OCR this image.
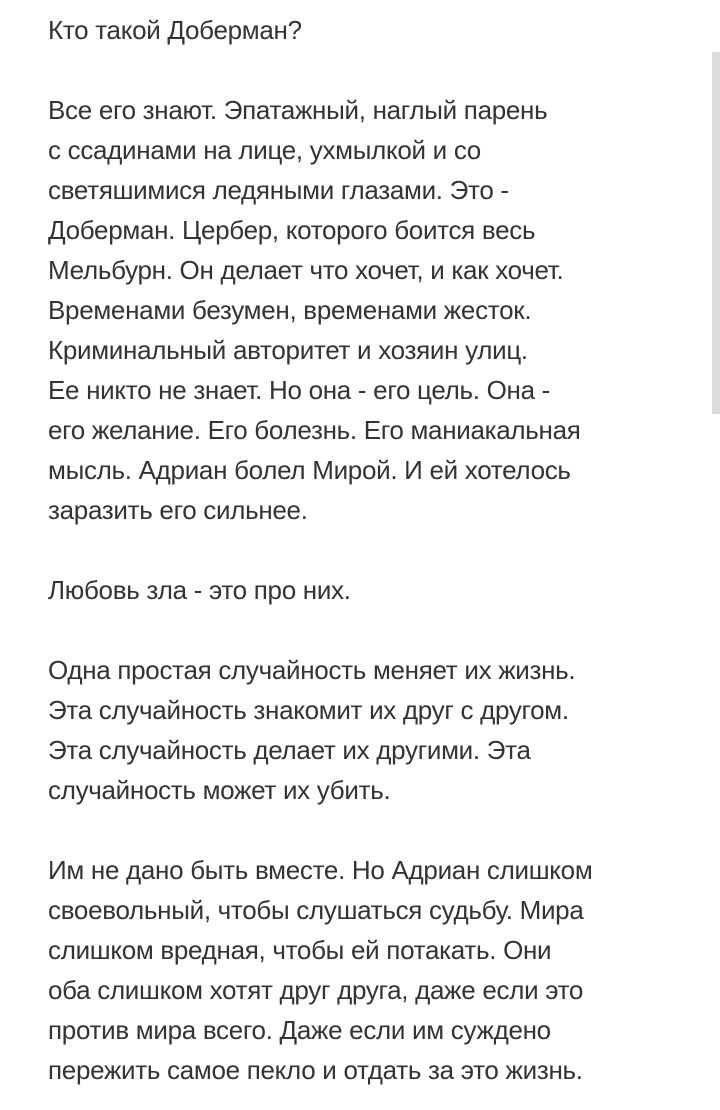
Кто такой Доберман?
Все его знают. Эпатажный, наглый парень
с ссадинами на лице, ухмылкой и со
светяшимися ледяными глазами. Это -
Доберман. Цербер, которого боится весь
Мельбурн. Он делает что хочет, и как хочет.
Временами безумен, временами жесток.
Криминальный авторитет и хозяин улиц.
Ее никто не знает. Но она - его цель. Она -
его желание. Его болезнь. Его маниакальная
мысль. Адриан болел Мирой. И ей хотелось
заразить его сильнее.
Любовь зла - это про них.
Одна простая случайность меняет их жизнь.
Эта случайность знакомит их друг с другом.
Эта случайность делает их другими. Эта
случайность может их убить.
Им не дано быть вместе. Но Адриан слишком
своевольный, чтобы слушаться судьбу. Мира
слишком вредная, чтобы ей потакать. Они
оба слишком хотят друг друга, даже если это
против мира всего. Даже если им суждено
пережить самое пекло и отдать за это жизнь.
